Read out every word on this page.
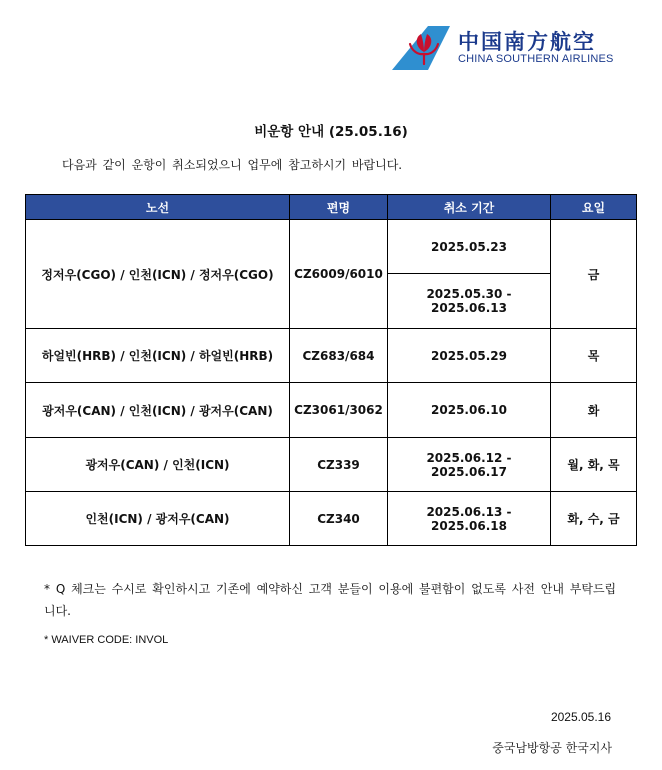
中国南方航空
CHINA SOUTHERN AIRLINES
비운항 안내 (25.05.16)
다음과 같이 운항이 취소되었으니 업무에 참고하시기 바랍니다.
노선	편명	취소 기간	요일
정저우(CGO) / 인천(ICN) / 정저우(CGO)	CZ6009/6010	2025.05.23	금
		2025.05.30 - 2025.06.13	
하얼빈(HRB) / 인천(ICN) / 하얼빈(HRB)	CZ683/684	2025.05.29	목
광저우(CAN) / 인천(ICN) / 광저우(CAN)	CZ3061/3062	2025.06.10	화
광저우(CAN) / 인천(ICN)	CZ339	2025.06.12 - 2025.06.17	월, 화, 목
인천(ICN) / 광저우(CAN)	CZ340	2025.06.13 - 2025.06.18	화, 수, 금
* Q 체크는 수시로 확인하시고 기존에 예약하신 고객 분들이 이용에 불편함이 없도록 사전 안내 부탁드립니다.
* WAIVER CODE: INVOL
2025.05.16
중국남방항공 한국지사
